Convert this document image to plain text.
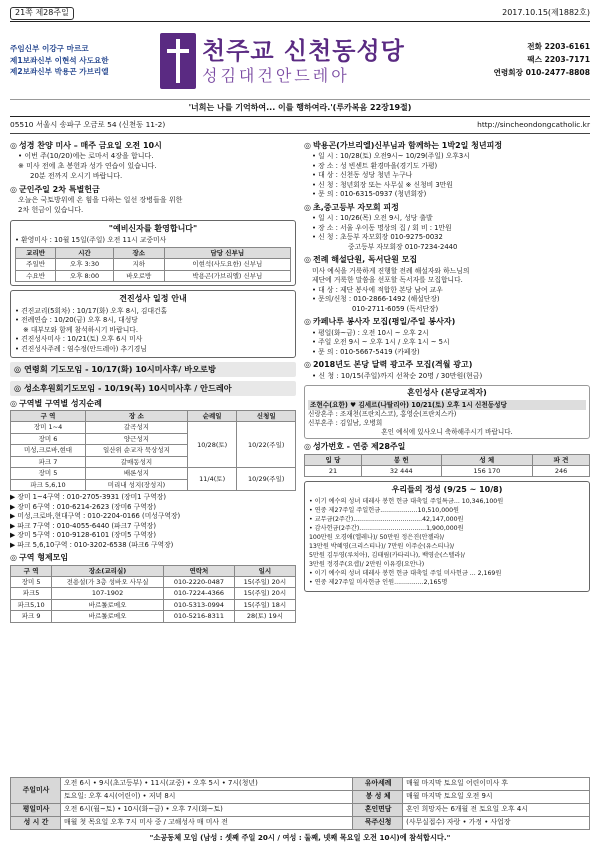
21쪽 제28주일	2017.10.15(제1882호)
주임신부 이강구 마르코
제1보좌신부 이현석 사도요한
제2보좌신부 박용곤 가브리엘
천주교 신천동성당
성김대건안드레아
전화 2203-6161
팩스 2203-7171
연령회장 010-2477-8808
'너희는 나를 기억하여... 이를 행하여라.'(루카복음 22장19절)
05510 서울시 송파구 오금로 54 (신천동 11-2)	http://sincheondongcatholic.kr
◎ 성경 찬양 미사 – 매주 금요일 오전 10시
• 이번 주(10/20)에는 로마서 4장을 합니다.
※ 미사 전에 초 봉헌과 성가 연습이 있습니다.
20분 전까지 오시기 바랍니다.
◎ 군인주일 2차 특별헌금
오늘은 국토방위에 온 힘을 다하는 일선 장병들을 위한
2차 헌금이 있습니다.
"예비신자를 환영합니다"
• 환영미사 : 10월 15일(주일) 오전 11시 교중미사
교리반	시간	장소	담당 신부님
주일반	오후 3:30	지하	이현석(사도요한) 신부님
수요반	오후 8:00	바오로방	박용곤(가브리엘) 신부님
견진성사 일정 안내
• 견진교리(5회차) : 10/17(화) 오후 8시, 김대건홀
• 전례연습 : 10/20(금) 오후 8시, 대성당
※ 대부모와 함께 참석하시기 바랍니다.
• 견진성사미사 : 10/21(토) 오후 6시 미사
• 견진성사주례 : 염수정(안드레아) 추기경님
◎ 연령회 기도모임 - 10/17(화) 10시미사후/ 바오로방
◎ 성소후원회기도모임 - 10/19(목) 10시미사후 / 안드레아
◎ 구역별 구역별 성지순례
구 역	장 소	순례일	신청일
장미 1~4	갈곡성지	10/28(토)	10/22(주일)
장미 6	양근성지		
미성,크로바,현대	일산위 순교자 묵상성지		
파크 7	갈매동성지		
장미 5	배론성지	11/4(토)	10/29(주일)
파크 5,6,10	미리내 성지(장성지)		
▶ 장미 1~4구역 : 010-2705-3931 (장미1 구역장)
▶ 장미 6구역 : 010-6214-2623 (장미6 구역장)
▶ 미성,크로바,현대구역 : 010-2204-0166 (미성구역장)
▶ 파크 7구역 : 010-4055-6440 (파크7 구역장)
▶ 장미 5구역 : 010-9128-6101 (장미5 구역장)
▶ 파크 5,6,10구역 : 010-3202-6538 (파크6 구역장)
◎ 구역 형제모임
구 역	장소(교리실)	연락처	일시
장미 5	전용설(가 3층 성바오 사무실	010-2220-0487	15(주일) 20시
파크5	107-1902	010-7224-4366	15(주일) 20시
파크5,10	바르톨로메오	010-5313-0994	15(주일) 18시
파크 9	바르톨로메오	010-5216-8311	28(토) 19시
◎ 박용곤(가브리엘)신부님과 함께하는 1박2일 청년피정
• 일 시 : 10/28(토) 오전9시~ 10/29(주일) 오후3시
• 장 소 : 성 빈센트 환경마을(경기도 가평)
• 대 상 : 신천동 성당 청년 누구나
• 신 청 : 청년회장 또는 사무실 ※ 신청비 3만원
• 문 의 : 010-6315-0937 (청년회장)
◎ 초,중고등부 자모회 피정
• 일 시 : 10/26(목) 오전 9시, 성당 출발
• 장 소 : 서울 우이동 명상의 집 / 회 비 : 1만원
• 신 청 : 초등부 자모회장 010-9275-0032
중고등부 자모회장 010-7234-2440
◎ 전례 해설단원, 독서단원 모집
미사 예식을 거룩하게 진행할 전례 해설자와 하느님의
제단에 거룩한 말씀을 선포할 독서자를 모집합니다.
• 대 상 : 제단 봉사에 적합한 본당 남여 교우
• 문의/신청 : 010-2866-1492 (해설단장)
010-2711-6059 (독서단장)
◎ 카페나루 봉사자 모집(평일/주일 봉사자)
• 평일(화~금) : 오전 10시 ~ 오후 2시
• 주일 오전 9시 ~ 오후 1시 / 오후 1시 ~ 5시
• 문 의 : 010-5667-5419 (카페장)
◎ 2018년도 본당 달력 광고주 모집(격월 광고)
• 신 청 : 10/15(주일)까지 선착순 20명 / 30만원(현금)
혼인성사 (본당교적자)
조현수(요한) ♥ 김세르(나탈리아) 10/21(토) 오후 1시 신천동성당
신랑혼주 : 조재천(프란치스코), 홍영순(프란치스카)
신부혼주 : 김일남, 오병희
혼인 예식에 있사오니 축하해주시기 바랍니다.
◎ 성가번호 - 연중 제28주일
입 당	봉 헌	성 체	파 견
21	32 444	156 170	246
우리들의 정성 (9/25 ~ 10/8)
• 이기 예수의 성녀 데레사 봉헌 헌금 대축일 주일특금... 10,346,100원
• 연중 제27주일 주일헌금...................10,510,000원
• 교무금(2주간)...................................42,147,000원
• 감사헌금(2주간)..................................1,900,000원
100만원 오경애(엘레나)/ 50만원 정은진(안젤라)/
13만원 박혜영(크리스티나)/ 7만원 이주순(유스티나)/
5만원 김두영(루치아), 김태림(카타리나), 백영순(스텔라)/
3만원 정경주(요셉)/ 2만원 이유경(요안나)
• 이기 예수의 성녀 데레사 봉헌 헌금 대축일 주일 미사헌금 ... 2,169원
• 연중 제27주일 미사헌금 인원...............2,165명
주일미사	오전 6시 • 9시(초고등부) • 11시(교중) • 오후 5시 • 7시(청년)	유아세례	매월 마지막 토요일 어린이미사 후
	토요일: 오후 4시(어린이) • 저녁 8시	봉 성 체	매월 마지막 토요일 오전 9시
평일미사	오전 6시(월~토) • 10시(화~금) • 오후 7시(화~토)	혼인면담	혼인 희망자는 6개월 전 토요일 오후 4시
성 시 간	매월 첫 목요일 오후 7시 미사 중 / 고해성사 매 미사 전	묵주신청	(사무실접수) 자랑 • 가정 • 사업장
"소공동체 모임 (남성 : 셋째 주일 20시 / 여성 : 둘째, 넷째 목요일 오전 10시)에 참석합시다."
